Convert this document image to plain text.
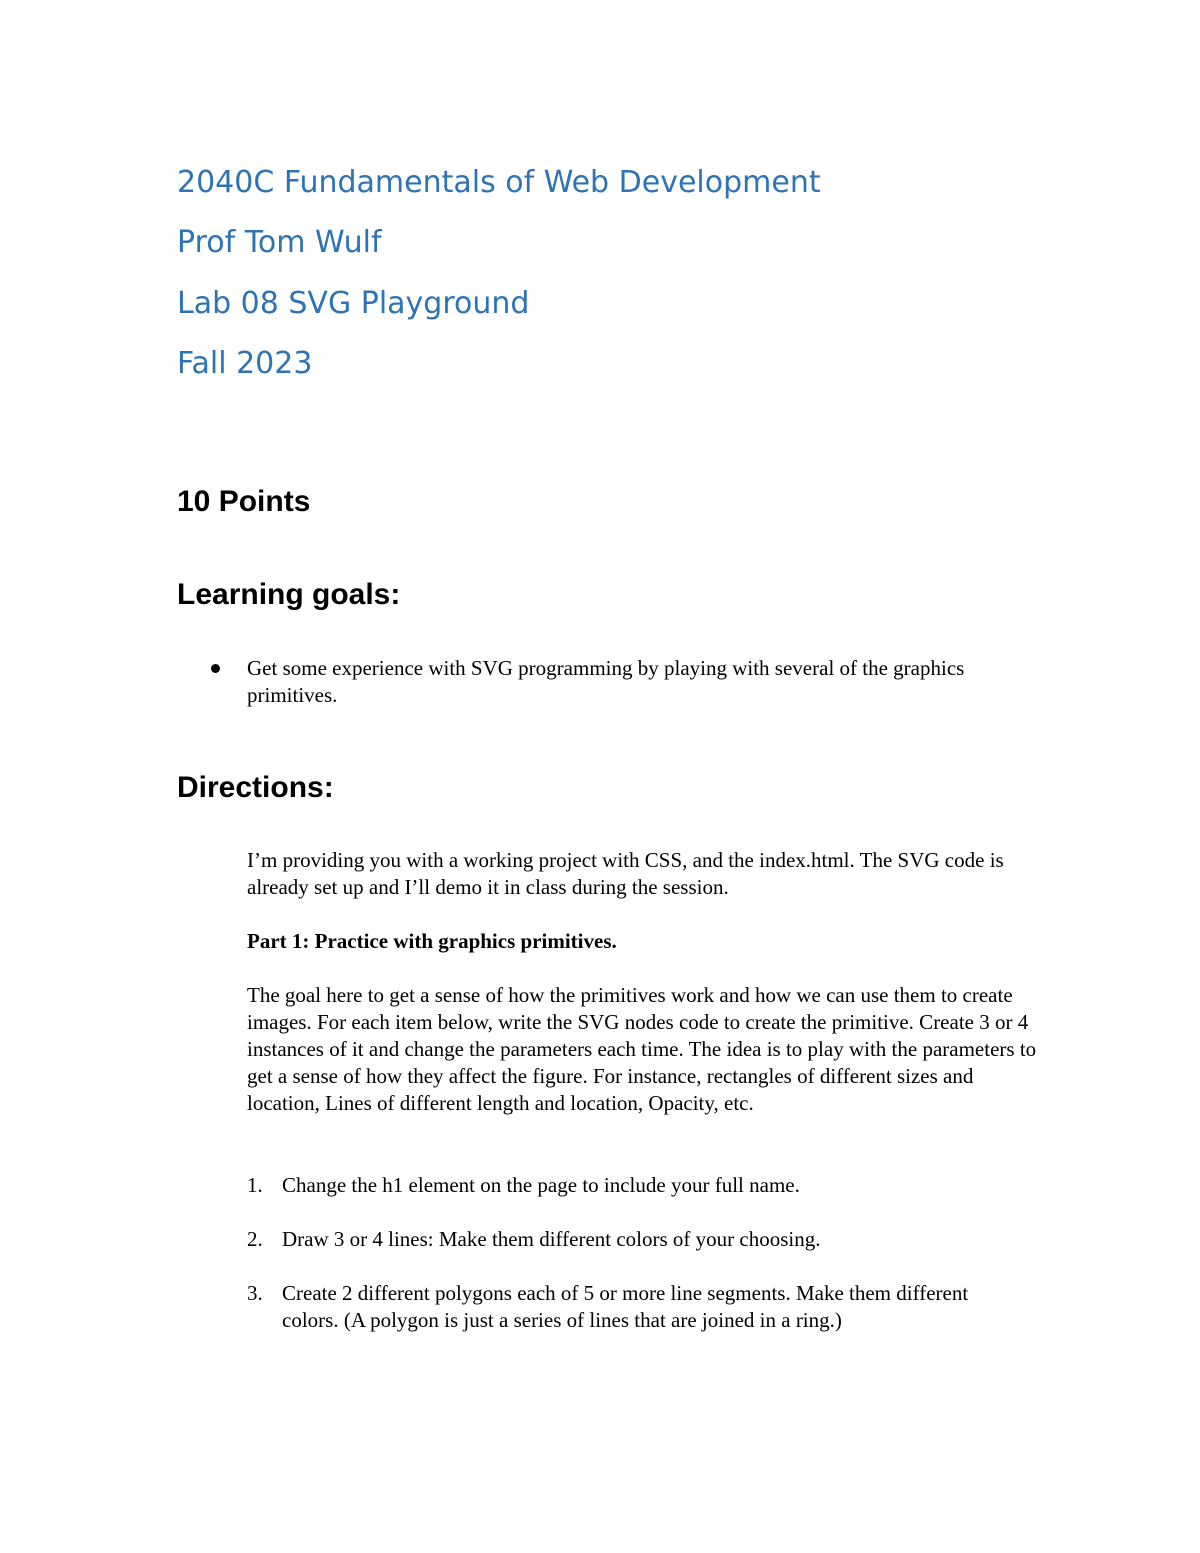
2040C Fundamentals of Web Development
Prof Tom Wulf
Lab 08 SVG Playground
Fall 2023
10 Points
Learning goals:

Get some experience with SVG programming by playing with several of the graphics primitives.

Directions:

I’m providing you with a working project with CSS, and the index.html. The SVG code is already set up and I’ll demo it in class during the session.

Part 1: Practice with graphics primitives.

The goal here to get a sense of how the primitives work and how we can use them to create images. For each item below, write the SVG nodes code to create the primitive. Create 3 or 4 instances of it and change the parameters each time. The idea is to play with the parameters to get a sense of how they affect the figure. For instance, rectangles of different sizes and location, Lines of different length and location, Opacity, etc.

1. Change the h1 element on the page to include your full name.
2. Draw 3 or 4 lines: Make them different colors of your choosing.
3. Create 2 different polygons each of 5 or more line segments. Make them different colors. (A polygon is just a series of lines that are joined in a ring.)
